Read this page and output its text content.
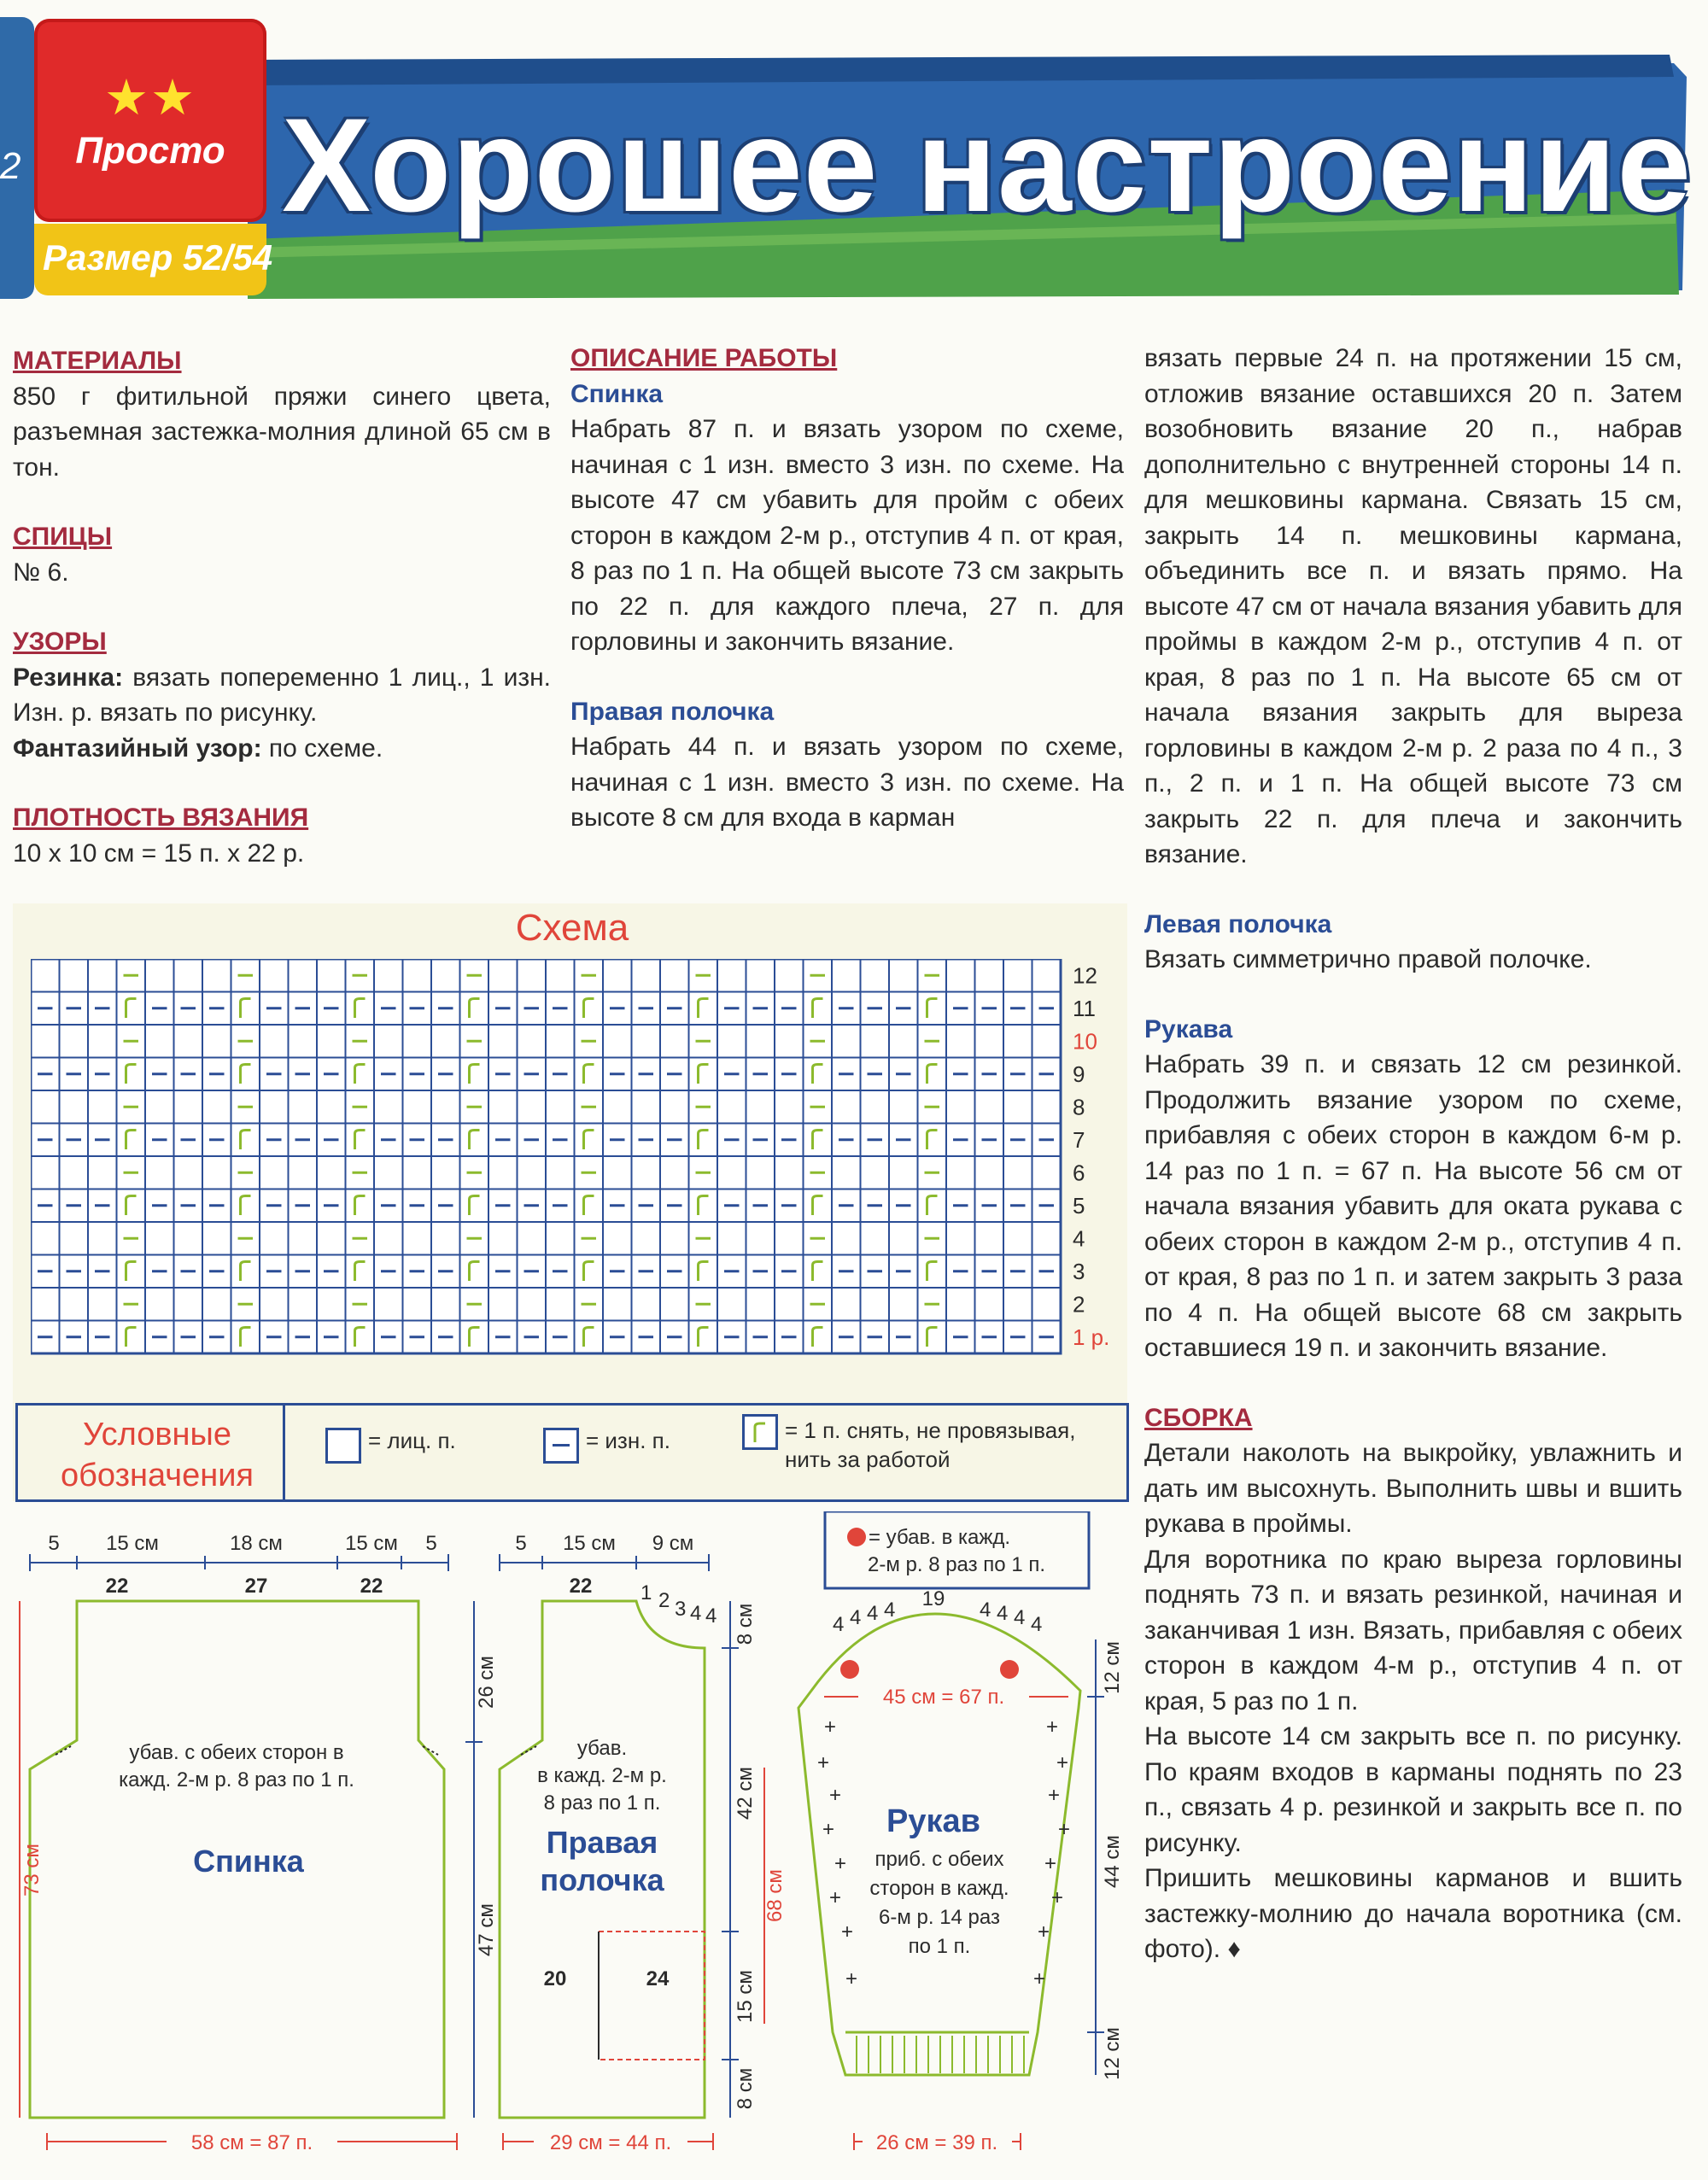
2 Хорошее настроение
★★
Просто
Размер 52/54
МАТЕРИАЛЫ
850 г фитильной пряжи синего цвета, разъемная застежка-молния длиной 65 см в тон.
СПИЦЫ
№ 6.
УЗОРЫ
Резинка: вязать попеременно 1 лиц., 1 изн. Изн. р. вязать по рисунку.
Фантазийный узор: по схеме.
ПЛОТНОСТЬ ВЯЗАНИЯ
10 х 10 см = 15 п. х 22 р.
ОПИСАНИЕ РАБОТЫ
Спинка
Набрать 87 п. и вязать узором по схеме, начиная с 1 изн. вместо 3 изн. по схеме. На высоте 47 см убавить для пройм с обеих сторон в каждом 2-м р., отступив 4 п. от края, 8 раз по 1 п. На общей высоте 73 см закрыть по 22 п. для каждого плеча, 27 п. для горловины и закончить вязание.
Правая полочка
Набрать 44 п. и вязать узором по схеме, начиная с 1 изн. вместо 3 изн. по схеме. На высоте 8 см для входа в карман
вязать первые 24 п. на протяжении 15 см, отложив вязание оставшихся 20 п. Затем возобновить вязание 20 п., набрав дополнительно с внутренней стороны 14 п. для мешковины кармана. Связать 15 см, закрыть 14 п. мешковины кармана, объединить все п. и вязать прямо. На высоте 47 см от начала вязания убавить для проймы в каждом 2-м р., отступив 4 п. от края, 8 раз по 1 п. На высоте 65 см от начала вязания закрыть для выреза горловины в каждом 2-м р. 2 раза по 4 п., 3 п., 2 п. и 1 п. На общей высоте 73 см закрыть 22 п. для плеча и закончить вязание.
Левая полочка
Вязать симметрично правой полочке.
Рукава
Набрать 39 п. и связать 12 см резинкой. Продолжить вязание узором по схеме, прибавляя с обеих сторон в каждом 6-м р. 14 раз по 1 п. = 67 п. На высоте 56 см от начала вязания убавить для оката рукава с обеих сторон в каждом 2-м р., отступив 4 п. от края, 8 раз по 1 п. и затем закрыть 3 раза по 4 п. На общей высоте 68 см закрыть оставшиеся 19 п. и закончить вязание.
СБОРКА
Детали наколоть на выкройку, увлажнить и дать им высохнуть. Выполнить швы и вшить рукава в проймы.
Для воротника по краю выреза горловины поднять 73 п. и вязать резинкой, начиная и заканчивая 1 изн. Вязать, прибавляя с обеих сторон в каждом 4-м р., отступив 4 п. от края, 5 раз по 1 п.
На высоте 14 см закрыть все п. по рисунку. По краям входов в карманы поднять по 23 п., связать 4 р. резинкой и закрыть все п. по рисунку.
Пришить мешковины карманов и вшить застежку-молнию до начала воротника (см. фото). ♦
Схема
12
11
10
9
8
7
6
5
4
3
2
1 р.
Условные обозначения
= лиц. п.	= изн. п.	= 1 п. снять, не провязывая, нить за работой
= убав. в кажд.
5 15 см	18 см	15 см 5
22	27	22
убав. с обеих сторон в кажд. 2-м р. 8 раз по 1 п.
Спинка
73 см
26 см
47 см
58 см = 87 п.
5 15 см 9 см
22 1 2 3 4 4
убав. в кажд. 2-м р. 8 раз по 1 п.
Правая полочка
20	24
8 см
42 см
15 см
8 см
68 см
29 см = 44 п.
4 4 4 4 19 4 4 4 4
45 см = 67 п.
Рукав
приб. с обеих сторон в кажд. 6-м р. 14 раз по 1 п.
+
+
+
+
+
+
+
+
+
+
+
+
+
+
+
+
12 см
44 см
12 см
26 см = 39 п.
2-м р. 8 раз по 1 п.
